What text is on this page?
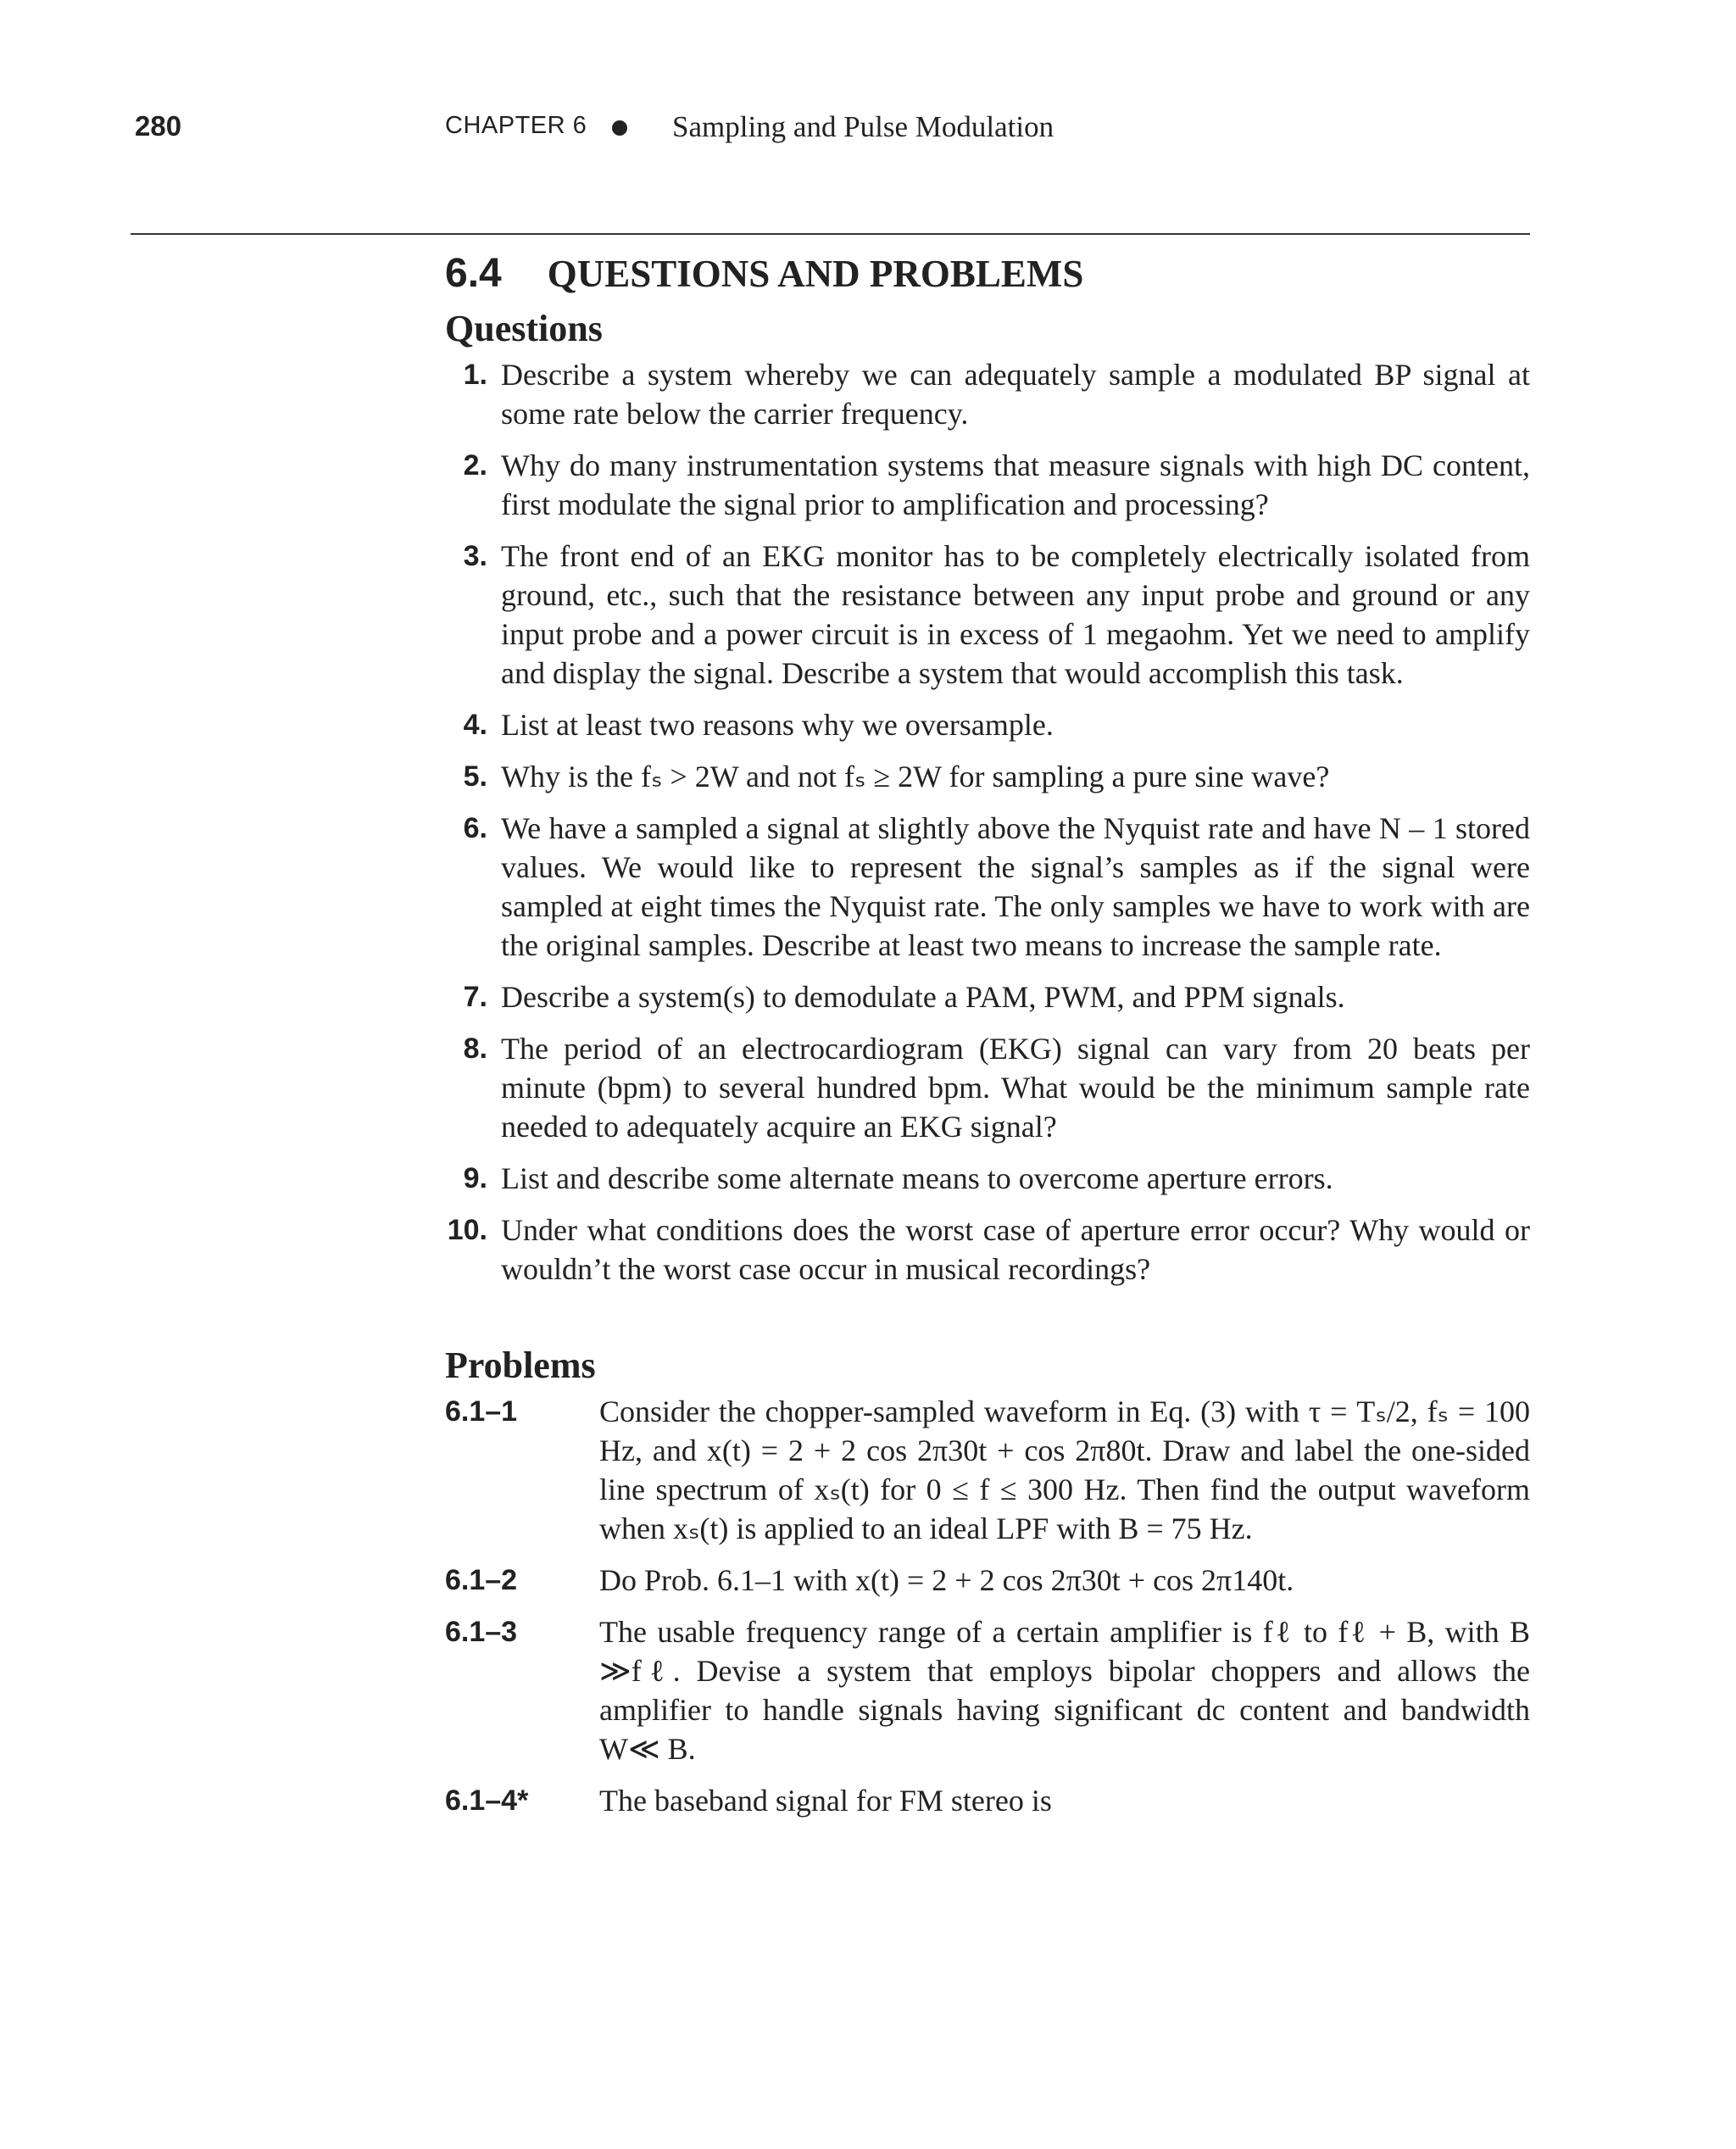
280	CHAPTER 6	Sampling and Pulse Modulation
6.4 QUESTIONS AND PROBLEMS
Questions
1. Describe a system whereby we can adequately sample a modulated BP signal at some rate below the carrier frequency.

2. Why do many instrumentation systems that measure signals with high DC content, first modulate the signal prior to amplification and processing?

3. The front end of an EKG monitor has to be completely electrically isolated from ground, etc., such that the resistance between any input probe and ground or any input probe and a power circuit is in excess of 1 megaohm. Yet we need to amplify and display the signal. Describe a system that would accomplish this task.

4. List at least two reasons why we oversample.

5. Why is the fₛ > 2W and not fₛ ≥ 2W for sampling a pure sine wave?

6. We have a sampled a signal at slightly above the Nyquist rate and have N – 1 stored values. We would like to represent the signal’s samples as if the signal were sampled at eight times the Nyquist rate. The only samples we have to work with are the original samples. Describe at least two means to increase the sample rate.

7. Describe a system(s) to demodulate a PAM, PWM, and PPM signals.

8. The period of an electrocardiogram (EKG) signal can vary from 20 beats per minute (bpm) to several hundred bpm. What would be the minimum sample rate needed to adequately acquire an EKG signal?

9. List and describe some alternate means to overcome aperture errors.

10. Under what conditions does the worst case of aperture error occur? Why would or wouldn’t the worst case occur in musical recordings?

Problems
6.1–1	Consider the chopper-sampled waveform in Eq. (3) with τ = Tₛ/2, fₛ = 100 Hz, and x(t) = 2 + 2 cos 2π30t + cos 2π80t. Draw and label the one-sided line spectrum of xₛ(t) for 0 ≤ f ≤ 300 Hz. Then find the output waveform when xₛ(t) is applied to an ideal LPF with B = 75 Hz.

6.1–2	Do Prob. 6.1–1 with x(t) = 2 + 2 cos 2π30t + cos 2π140t.

6.1–3	The usable frequency range of a certain amplifier is fℓ to fℓ + B, with B ≫fℓ. Devise a system that employs bipolar choppers and allows the amplifier to handle signals having significant dc content and bandwidth W≪ B.

6.1–4* The baseband signal for FM stereo is
